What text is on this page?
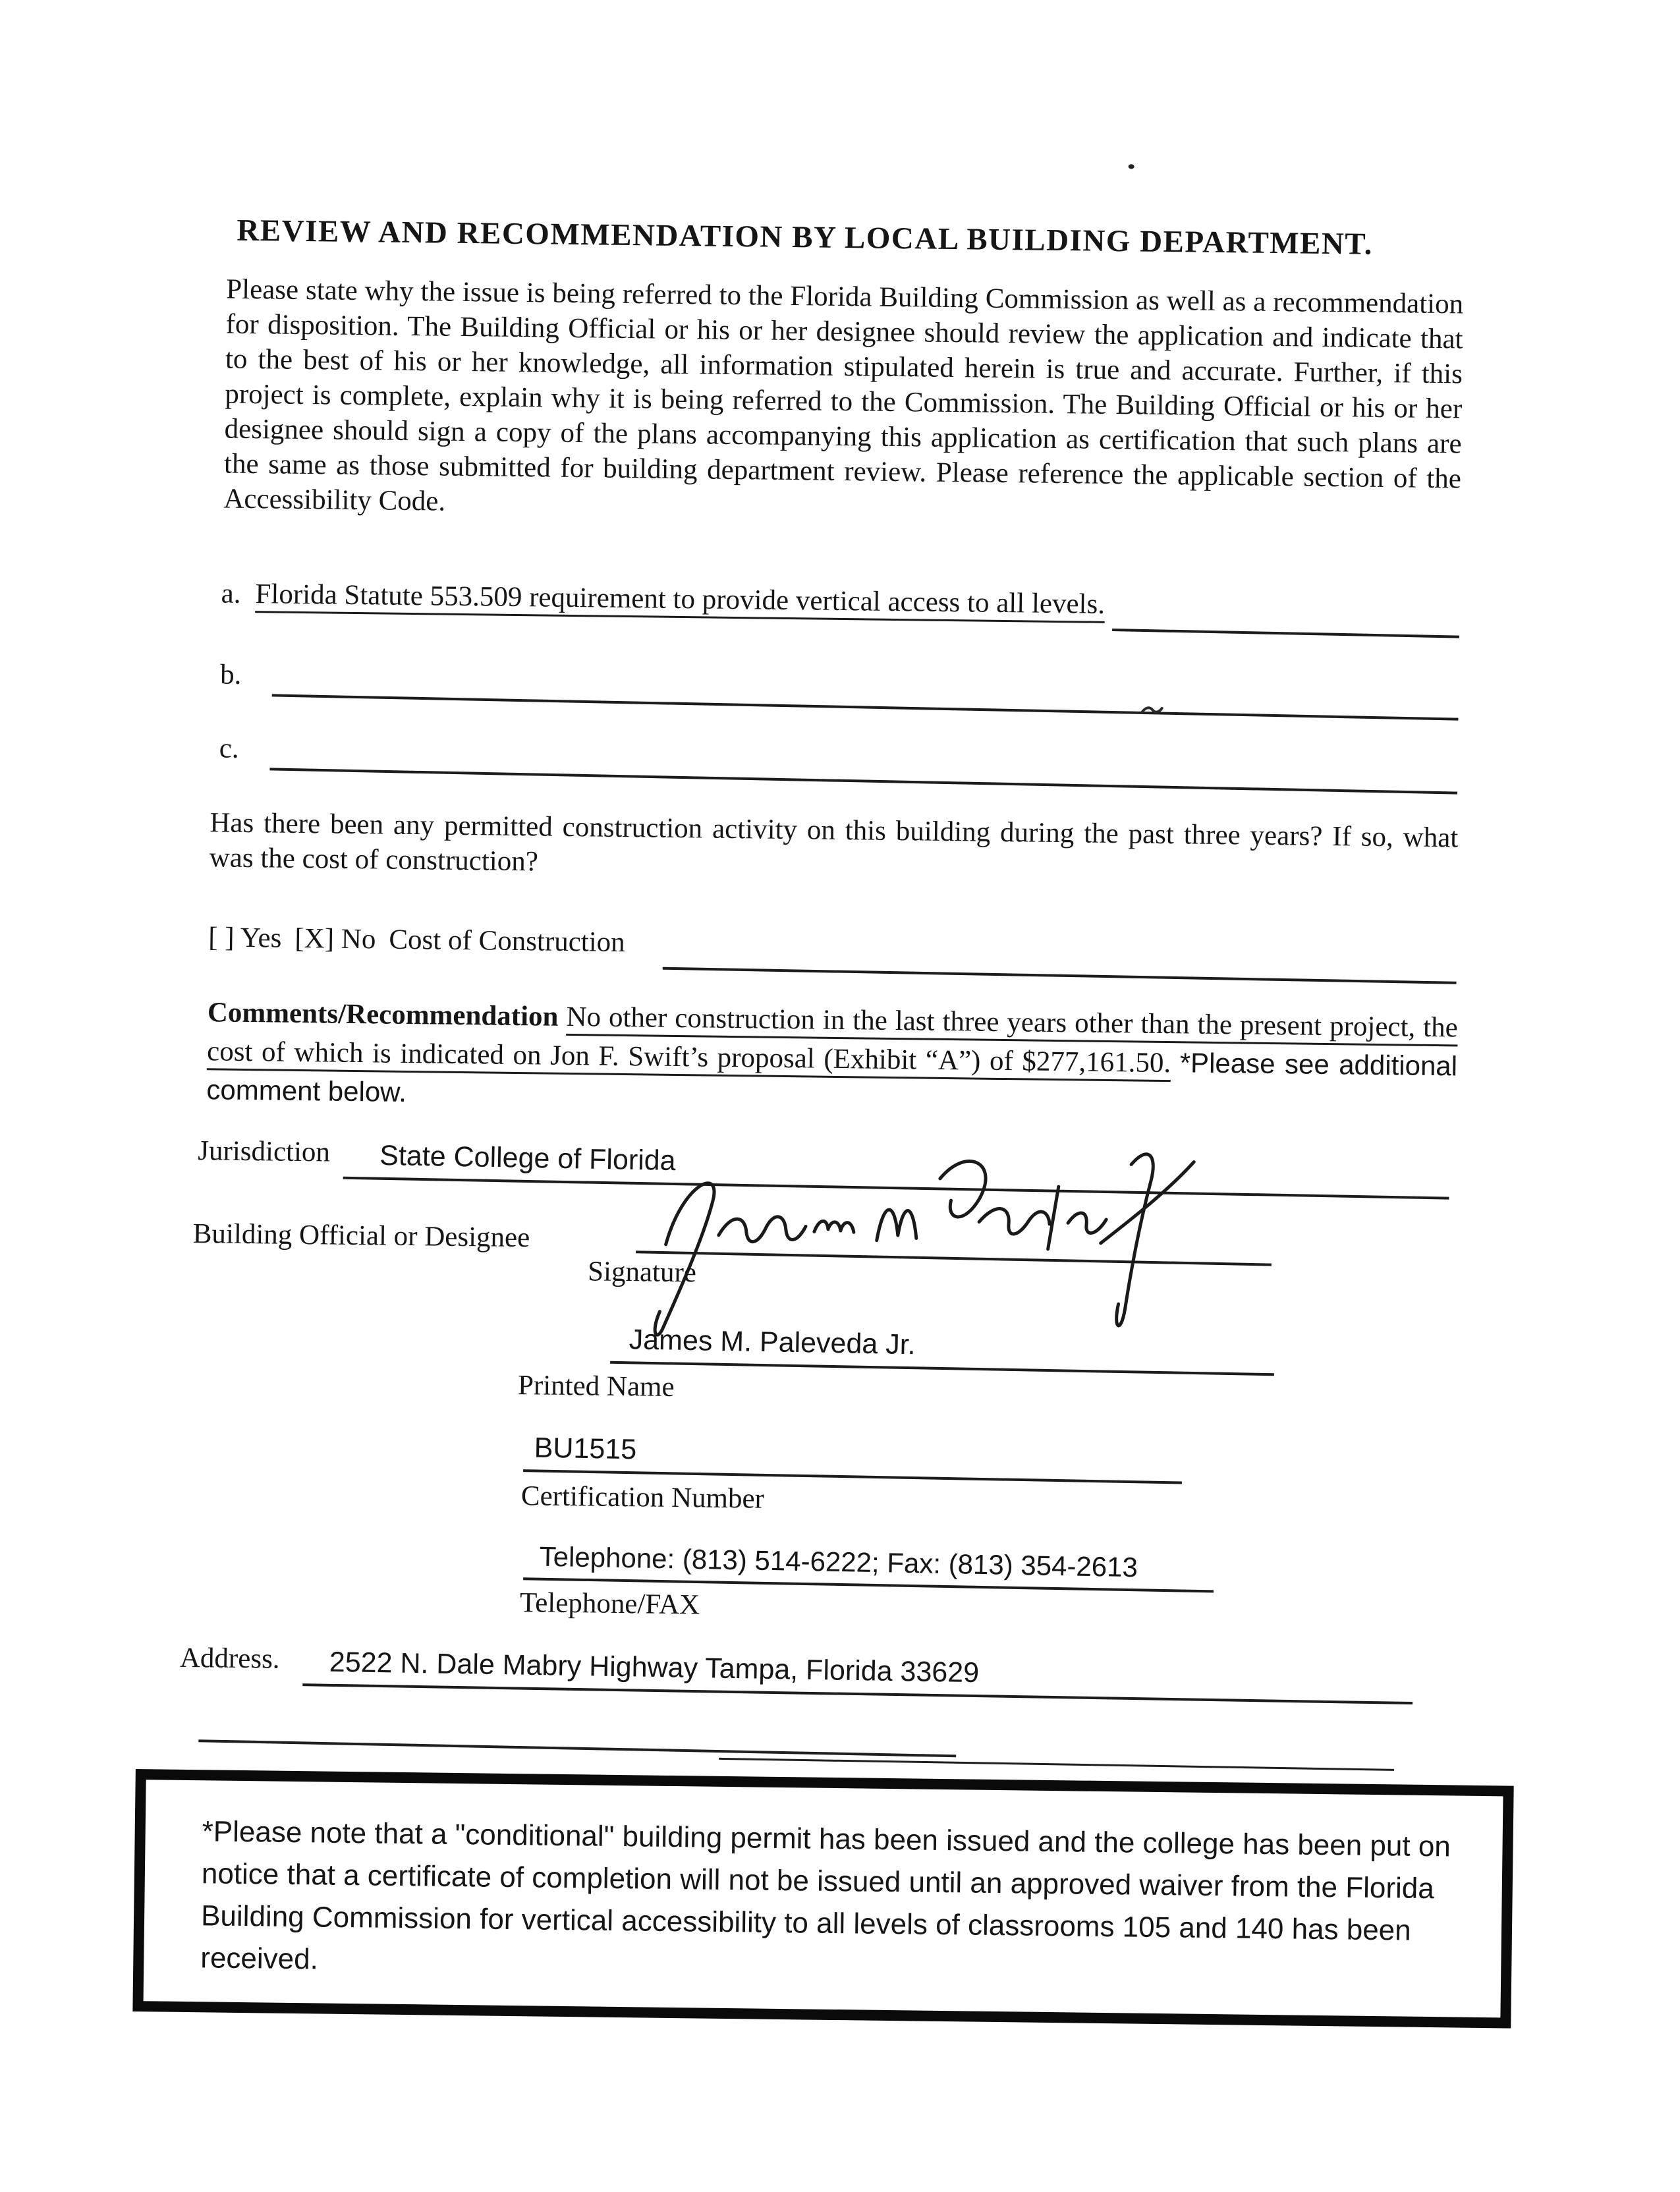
REVIEW AND RECOMMENDATION BY LOCAL BUILDING DEPARTMENT.
Please state why the issue is being referred to the Florida Building Commission as well as a recommendation for disposition. The Building Official or his or her designee should review the application and indicate that to the best of his or her knowledge, all information stipulated herein is true and accurate. Further, if this project is complete, explain why it is being referred to the Commission. The Building Official or his or her designee should sign a copy of the plans accompanying this application as certification that such plans are the same as those submitted for building department review. Please reference the applicable section of the Accessibility Code.
a. Florida Statute 553.509 requirement to provide vertical access to all levels.
b.
c.
Has there been any permitted construction activity on this building during the past three years? If so, what was the cost of construction?
[ ] Yes [X] No Cost of Construction
Comments/Recommendation No other construction in the last three years other than the present project, the cost of which is indicated on Jon F. Swift’s proposal (Exhibit “A”) of $277,161.50. *Please see additional comment below.
Jurisdiction	State College of Florida
Building Official or Designee
Signature
James M. Paleveda Jr.
Printed Name
BU1515
Certification Number
Telephone: (813) 514-6222; Fax: (813) 354-2613
Telephone/FAX
Address.	2522 N. Dale Mabry Highway Tampa, Florida 33629
*Please note that a "conditional" building permit has been issued and the college has been put on notice that a certificate of completion will not be issued until an approved waiver from the Florida Building Commission for vertical accessibility to all levels of classrooms 105 and 140 has been received.
